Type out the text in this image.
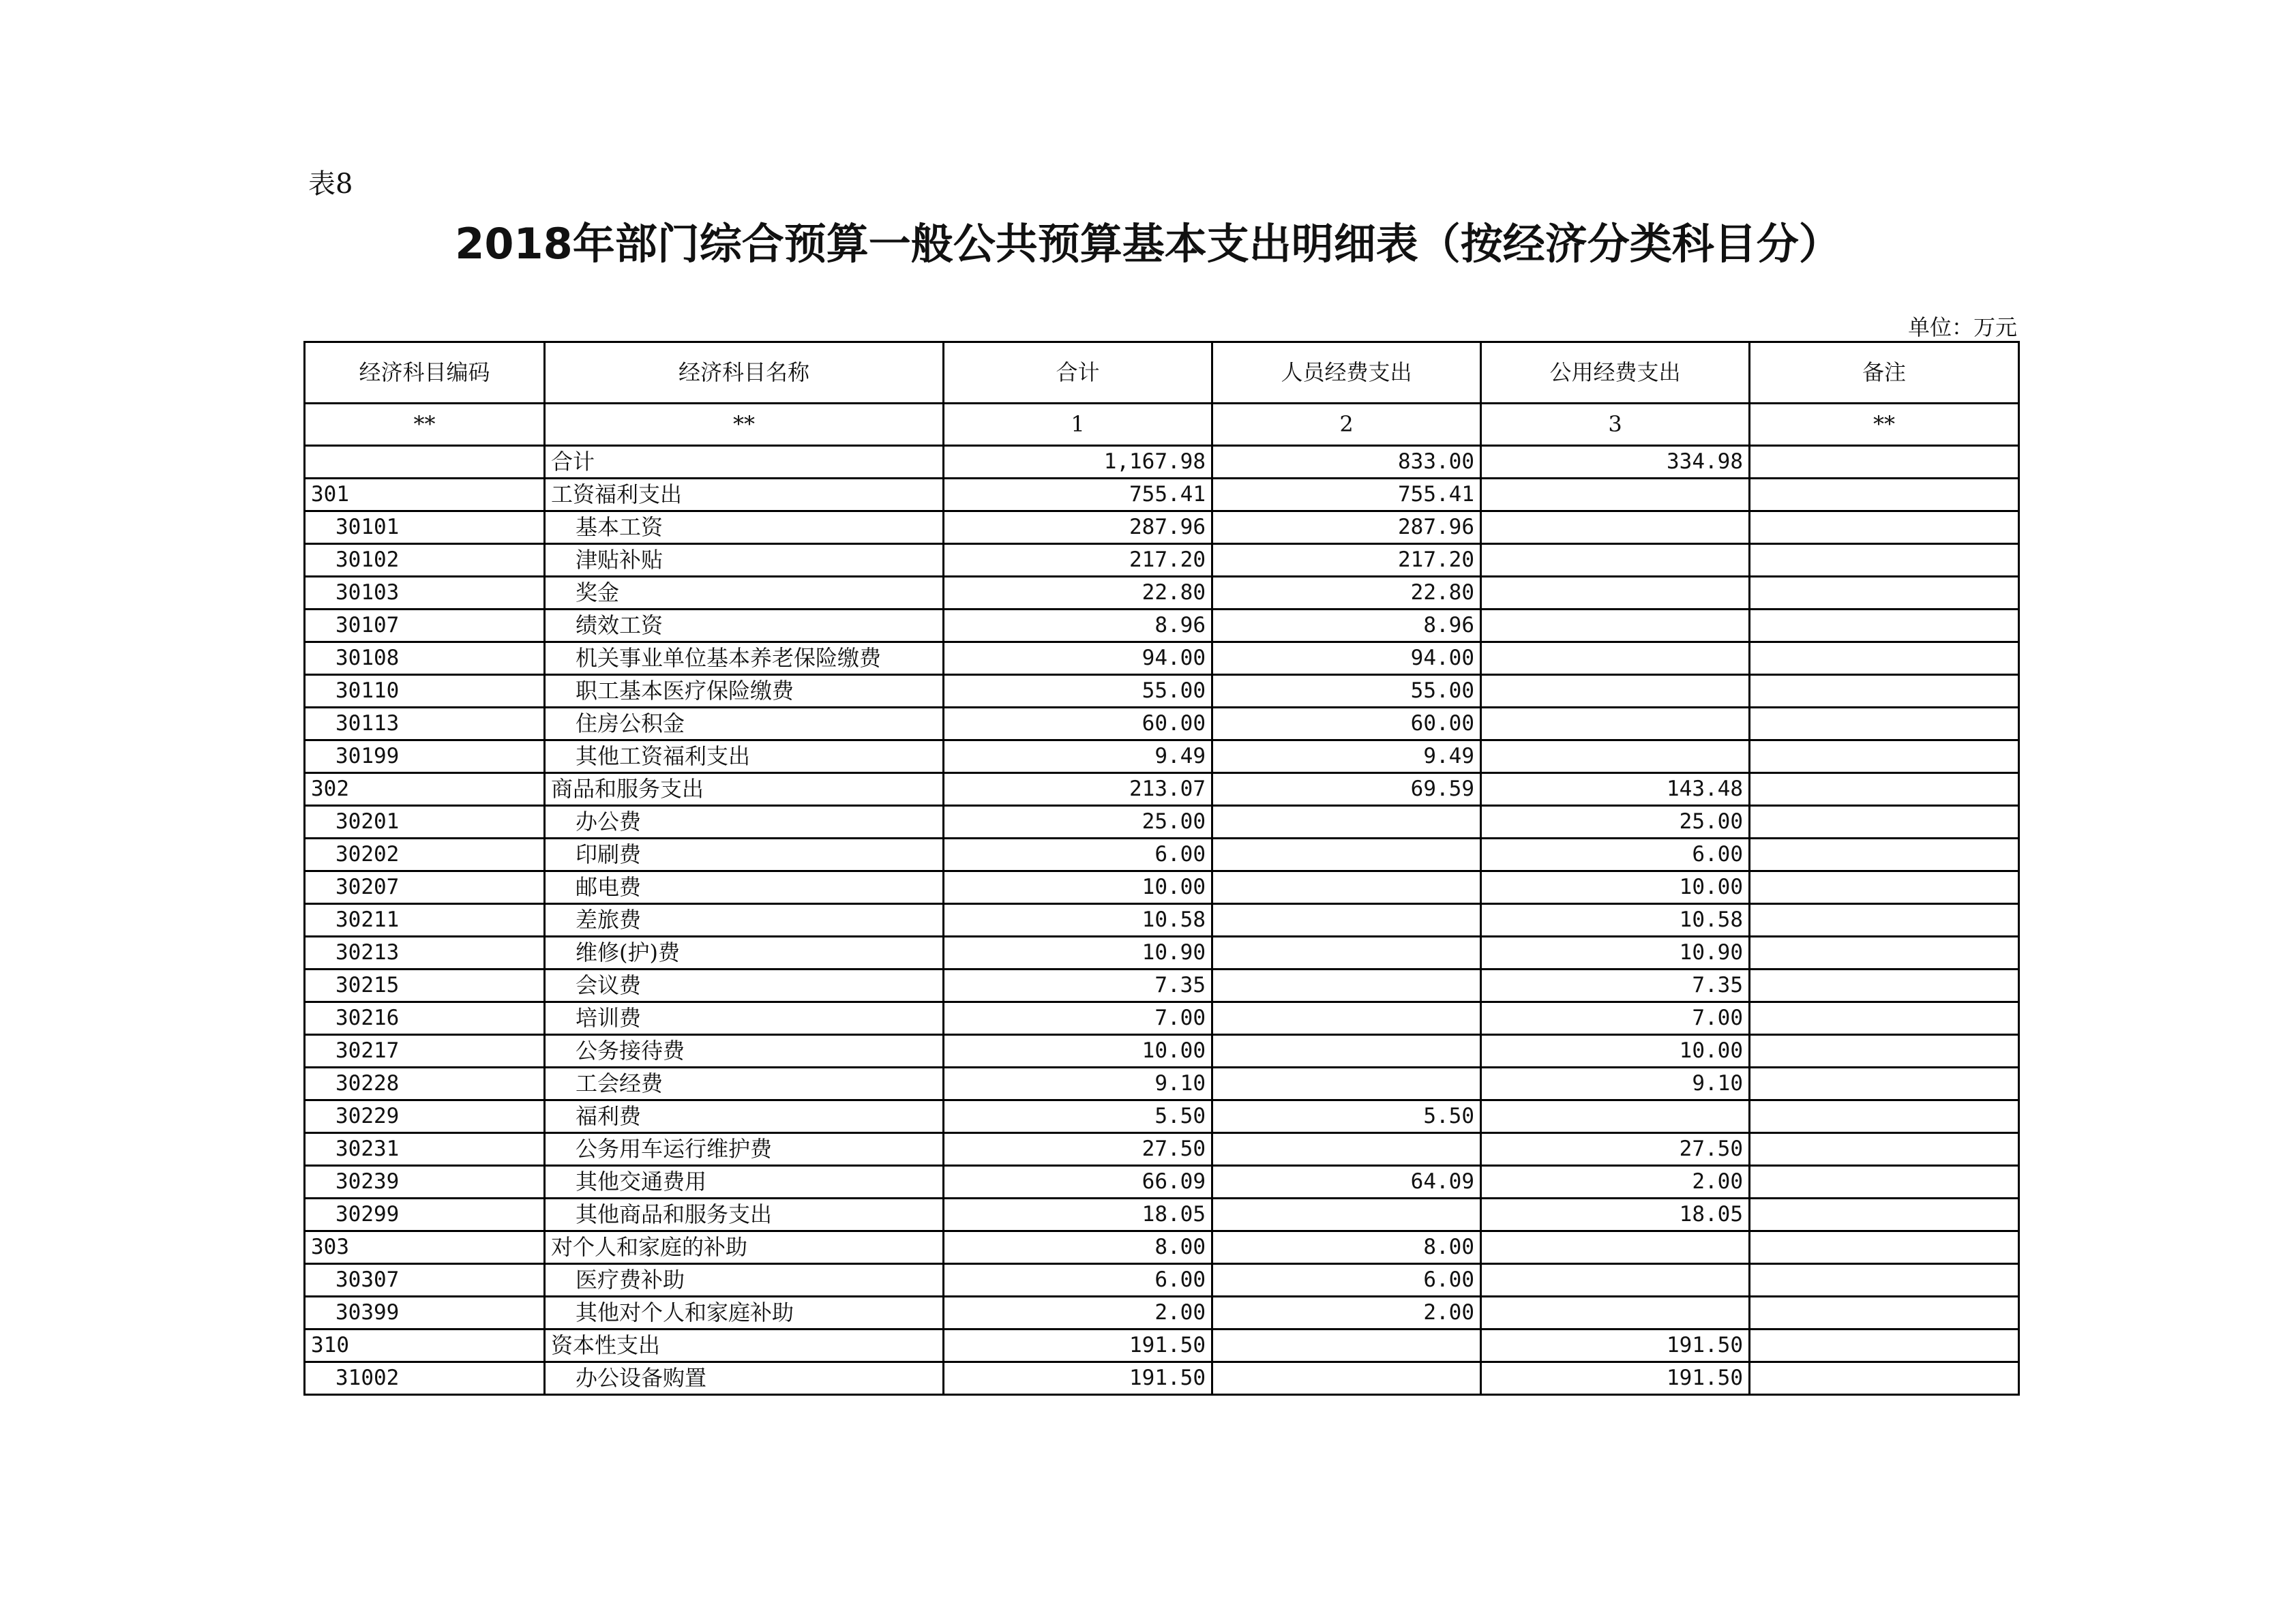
表8
2018年部门综合预算一般公共预算基本支出明细表（按经济分类科目分）
单位：万元
经济科目编码	经济科目名称	合计	人员经费支出	公用经费支出	备注
**	**	1	2	3	**
	合计	1,167.98	833.00	334.98	
301	工资福利支出	755.41	755.41		
30101	基本工资	287.96	287.96		
30102	津贴补贴	217.20	217.20		
30103	奖金	22.80	22.80		
30107	绩效工资	8.96	8.96		
30108	机关事业单位基本养老保险缴费	94.00	94.00		
30110	职工基本医疗保险缴费	55.00	55.00		
30113	住房公积金	60.00	60.00		
30199	其他工资福利支出	9.49	9.49		
302	商品和服务支出	213.07	69.59	143.48	
30201	办公费	25.00		25.00	
30202	印刷费	6.00		6.00	
30207	邮电费	10.00		10.00	
30211	差旅费	10.58		10.58	
30213	维修(护)费	10.90		10.90	
30215	会议费	7.35		7.35	
30216	培训费	7.00		7.00	
30217	公务接待费	10.00		10.00	
30228	工会经费	9.10		9.10	
30229	福利费	5.50	5.50		
30231	公务用车运行维护费	27.50		27.50	
30239	其他交通费用	66.09	64.09	2.00	
30299	其他商品和服务支出	18.05		18.05	
303	对个人和家庭的补助	8.00	8.00		
30307	医疗费补助	6.00	6.00		
30399	其他对个人和家庭补助	2.00	2.00		
310	资本性支出	191.50		191.50	
31002	办公设备购置	191.50		191.50	
